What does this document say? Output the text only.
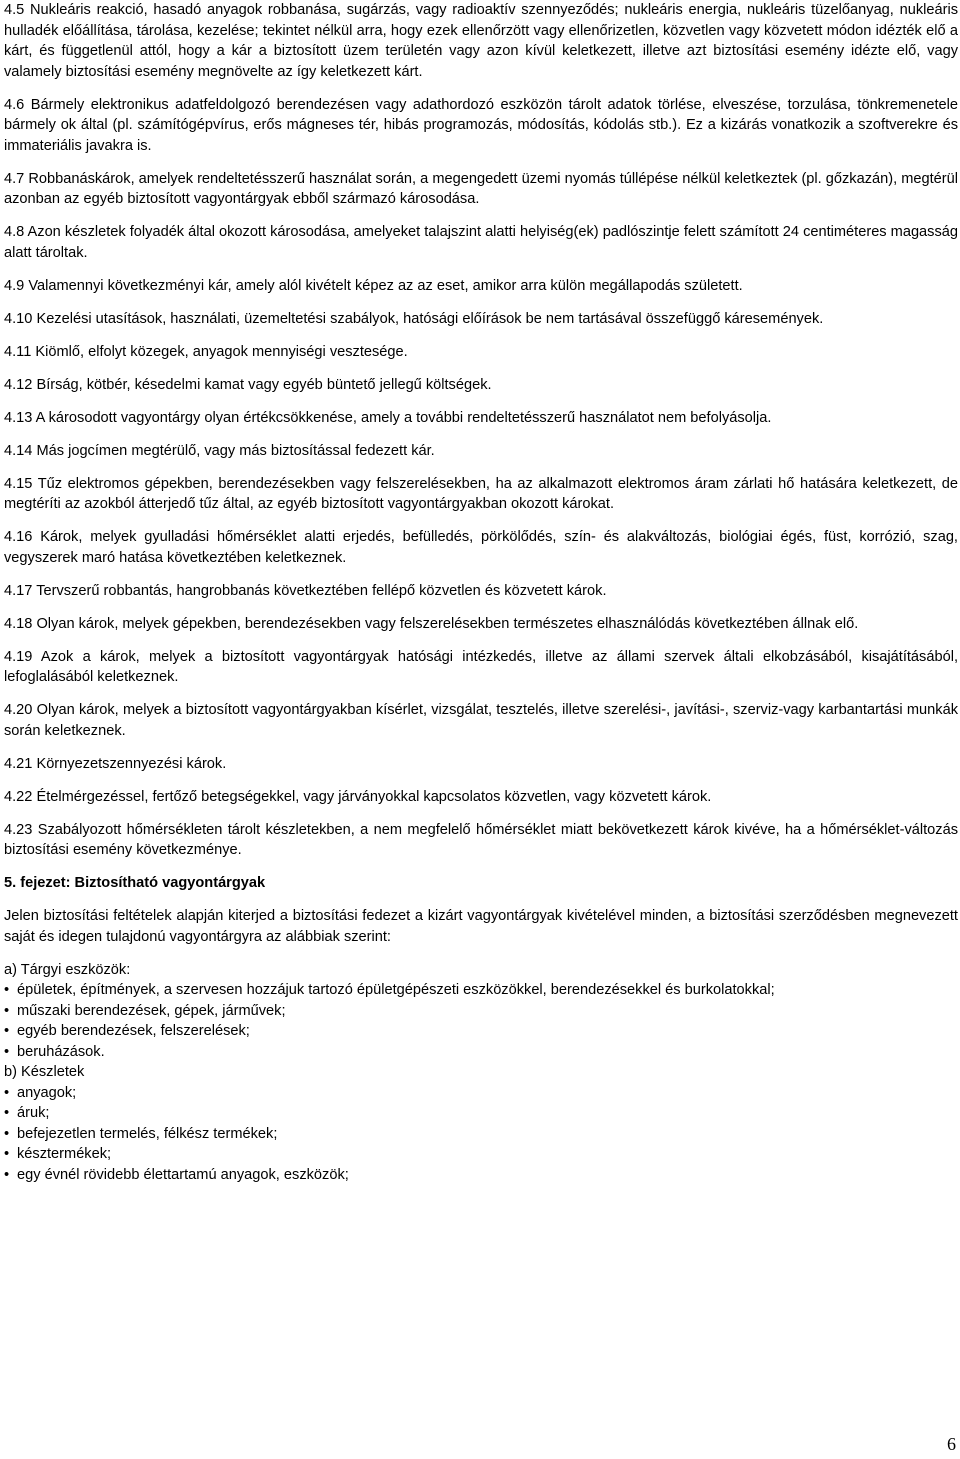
4.5 Nukleáris reakció, hasadó anyagok robbanása, sugárzás, vagy radioaktív szennyeződés; nukleáris energia, nukleáris tüzelőanyag, nukleáris hulladék előállítása, tárolása, kezelése; tekintet nélkül arra, hogy ezek ellenőrzött vagy ellenőrizetlen, közvetlen vagy közvetett módon idézték elő a kárt, és függetlenül attól, hogy a kár a biztosított üzem területén vagy azon kívül keletkezett, illetve azt biztosítási esemény idézte elő, vagy valamely biztosítási esemény megnövelte az így keletkezett kárt.

4.6 Bármely elektronikus adatfeldolgozó berendezésen vagy adathordozó eszközön tárolt adatok törlése, elveszése, torzulása, tönkremenetele bármely ok által (pl. számítógépvírus, erős mágneses tér, hibás programozás, módosítás, kódolás stb.). Ez a kizárás vonatkozik a szoftverekre és immateriális javakra is.

4.7 Robbanáskárok, amelyek rendeltetésszerű használat során, a megengedett üzemi nyomás túllépése nélkül keletkeztek (pl. gőzkazán), megtérül azonban az egyéb biztosított vagyontárgyak ebből származó károsodása.

4.8 Azon készletek folyadék által okozott károsodása, amelyeket talajszint alatti helyiség(ek) padlószintje felett számított 24 centiméteres magasság alatt tároltak.

4.9 Valamennyi következményi kár, amely alól kivételt képez az az eset, amikor arra külön megállapodás született.

4.10 Kezelési utasítások, használati, üzemeltetési szabályok, hatósági előírások be nem tartásával összefüggő káresemények.

4.11 Kiömlő, elfolyt közegek, anyagok mennyiségi vesztesége.

4.12 Bírság, kötbér, késedelmi kamat vagy egyéb büntető jellegű költségek.

4.13 A károsodott vagyontárgy olyan értékcsökkenése, amely a további rendeltetésszerű használatot nem befolyásolja.

4.14 Más jogcímen megtérülő, vagy más biztosítással fedezett kár.

4.15 Tűz elektromos gépekben, berendezésekben vagy felszerelésekben, ha az alkalmazott elektromos áram zárlati hő hatására keletkezett, de megtéríti az azokból átterjedő tűz által, az egyéb biztosított vagyontárgyakban okozott károkat.

4.16 Károk, melyek gyulladási hőmérséklet alatti erjedés, befülledés, pörkölődés, szín- és alakváltozás, biológiai égés, füst, korrózió, szag, vegyszerek maró hatása következtében keletkeznek.

4.17 Tervszerű robbantás, hangrobbanás következtében fellépő közvetlen és közvetett károk.

4.18 Olyan károk, melyek gépekben, berendezésekben vagy felszerelésekben természetes elhasználódás következtében állnak elő.

4.19 Azok a károk, melyek a biztosított vagyontárgyak hatósági intézkedés, illetve az állami szervek általi elkobzásából, kisajátításából, lefoglalásából keletkeznek.

4.20 Olyan károk, melyek a biztosított vagyontárgyakban kísérlet, vizsgálat, tesztelés, illetve szerelési-, javítási-, szerviz-vagy karbantartási munkák során keletkeznek.

4.21 Környezetszennyezési károk.

4.22 Ételmérgezéssel, fertőző betegségekkel, vagy járványokkal kapcsolatos közvetlen, vagy közvetett károk.

4.23 Szabályozott hőmérsékleten tárolt készletekben, a nem megfelelő hőmérséklet miatt bekövetkezett károk kivéve, ha a hőmérséklet-változás biztosítási esemény következménye.

5. fejezet: Biztosítható vagyontárgyak

Jelen biztosítási feltételek alapján kiterjed a biztosítási fedezet a kizárt vagyontárgyak kivételével minden, a biztosítási szerződésben megnevezett saját és idegen tulajdonú vagyontárgyra az alábbiak szerint:

a) Tárgyi eszközök:

• épületek, építmények, a szervesen hozzájuk tartozó épületgépészeti eszközökkel, berendezésekkel és burkolatokkal;
• műszaki berendezések, gépek, járművek;
• egyéb berendezések, felszerelések;
• beruházások.

b) Készletek

• anyagok;
• áruk;
• befejezetlen termelés, félkész termékek;
• késztermékek;
• egy évnél rövidebb élettartamú anyagok, eszközök;
6
